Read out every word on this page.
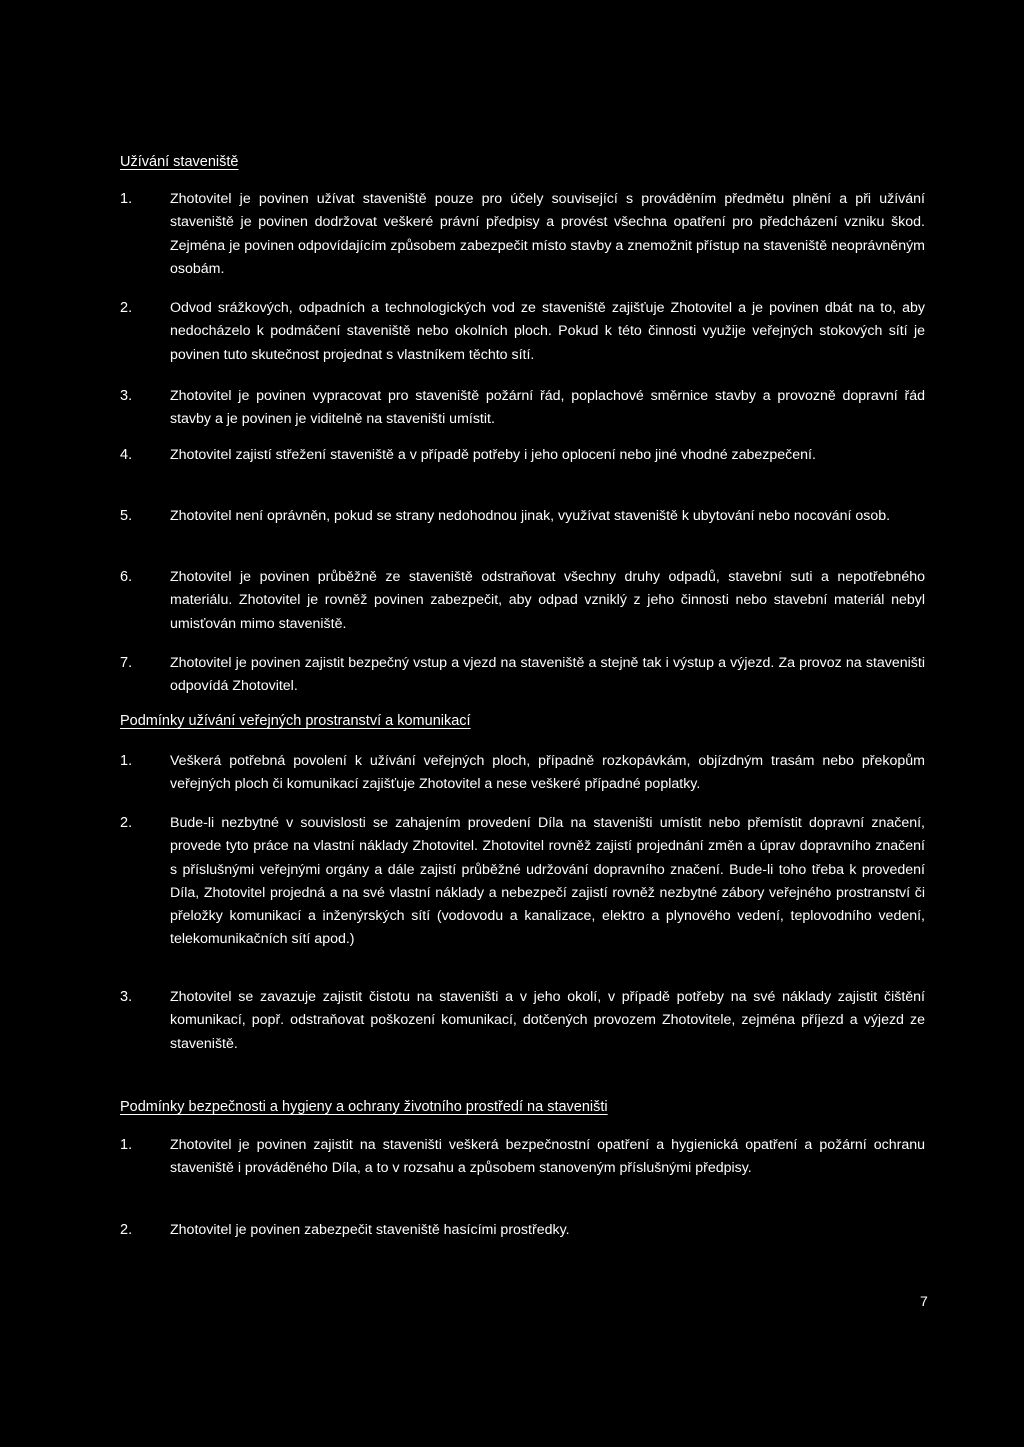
Užívání staveniště
1.	Zhotovitel je povinen užívat staveniště pouze pro účely související s prováděním předmětu plnění a při užívání staveniště je povinen dodržovat veškeré právní předpisy a provést všechna opatření pro předcházení vzniku škod. Zejména je povinen odpovídajícím způsobem zabezpečit místo stavby a znemožnit přístup na staveniště neoprávněným osobám.
2.	Odvod srážkových, odpadních a technologických vod ze staveniště zajišťuje Zhotovitel a je povinen dbát na to, aby nedocházelo k podmáčení staveniště nebo okolních ploch. Pokud k této činnosti využije veřejných stokových sítí je povinen tuto skutečnost projednat s vlastníkem těchto sítí.
3.	Zhotovitel je povinen vypracovat pro staveniště požární řád, poplachové směrnice stavby a provozně dopravní řád stavby a je povinen je viditelně na staveništi umístit.
4.	Zhotovitel zajistí střežení staveniště a v případě potřeby i jeho oplocení nebo jiné vhodné zabezpečení.
5.	Zhotovitel není oprávněn, pokud se strany nedohodnou jinak, využívat staveniště k ubytování nebo nocování osob.
6.	Zhotovitel je povinen průběžně ze staveniště odstraňovat všechny druhy odpadů, stavební suti a nepotřebného materiálu. Zhotovitel je rovněž povinen zabezpečit, aby odpad vzniklý z jeho činnosti nebo stavební materiál nebyl umisťován mimo staveniště.
7.	Zhotovitel je povinen zajistit bezpečný vstup a vjezd na staveniště a stejně tak i výstup a výjezd. Za provoz na staveništi odpovídá Zhotovitel.
Podmínky užívání veřejných prostranství a komunikací
1.	Veškerá potřebná povolení k užívání veřejných ploch, případně rozkopávkám, objízdným trasám nebo překopům veřejných ploch či komunikací zajišťuje Zhotovitel a nese veškeré případné poplatky.
2.	Bude-li nezbytné v souvislosti se zahajením provedení Díla na staveništi umístit nebo přemístit dopravní značení, provede tyto práce na vlastní náklady Zhotovitel. Zhotovitel rovněž zajistí projednání změn a úprav dopravního značení s příslušnými veřejnými orgány a dále zajistí průběžné udržování dopravního značení. Bude-li toho třeba k provedení Díla, Zhotovitel projedná a na své vlastní náklady a nebezpečí zajistí rovněž nezbytné zábory veřejného prostranství či přeložky komunikací a inženýrských sítí (vodovodu a kanalizace, elektro a plynového vedení, teplovodního vedení, telekomunikačních sítí apod.)
3.	Zhotovitel se zavazuje zajistit čistotu na staveništi a v jeho okolí, v případě potřeby na své náklady zajistit čištění komunikací, popř. odstraňovat poškození komunikací, dotčených provozem Zhotovitele, zejména příjezd a výjezd ze staveniště.
Podmínky bezpečnosti a hygieny a ochrany životního prostředí na staveništi
1.	Zhotovitel je povinen zajistit na staveništi veškerá bezpečnostní opatření a hygienická opatření a požární ochranu staveniště i prováděného Díla, a to v rozsahu a způsobem stanoveným příslušnými předpisy.
2.	Zhotovitel je povinen zabezpečit staveniště hasícími prostředky.
7
